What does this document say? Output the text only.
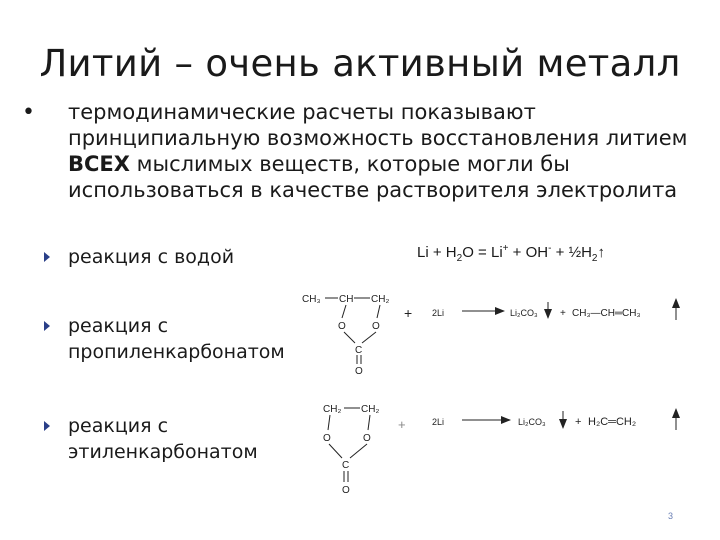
Литий – очень активный металл
• термодинамические расчеты показывают принципиальную возможность восстановления литием ВСЕХ мыслимых веществ, которые могли бы использоваться в качестве растворителя электролита

реакция с водой
реакция с пропиленкарбонатом
реакция с этиленкарбонатом
$Li + H_2O = Li^+ + OH^-$ + $\frac{1}{2}H_2↑$
CH₃ CH CH₂
O	O
C
O
+ 2Li	Li₂CO₃ + CH₃—CH═CH₃
CH₂ CH₂
O	O
C
O
+	2Li	Li₂CO₃	+ H₂C═CH₂
3
